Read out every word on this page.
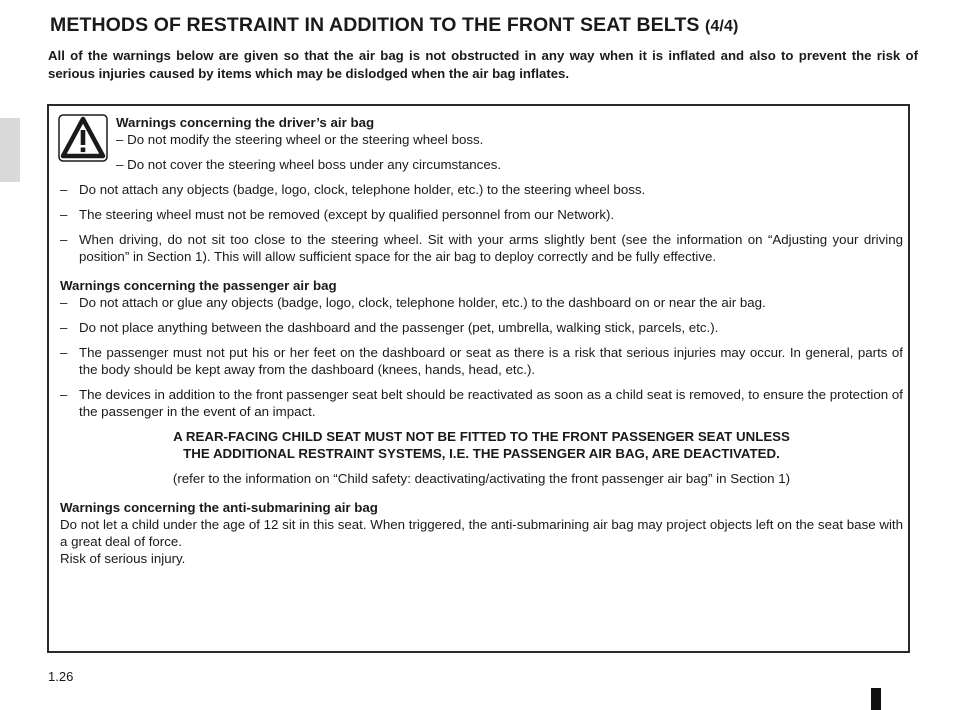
METHODS OF RESTRAINT IN ADDITION TO THE FRONT SEAT BELTS (4/4)

All of the warnings below are given so that the air bag is not obstructed in any way when it is inflated and also to prevent the risk of serious injuries caused by items which may be dislodged when the air bag inflates.

Warnings concerning the driver’s air bag

– Do not modify the steering wheel or the steering wheel boss.

– Do not cover the steering wheel boss under any circumstances.

– Do not attach any objects (badge, logo, clock, telephone holder, etc.) to the steering wheel boss.
– The steering wheel must not be removed (except by qualified personnel from our Network).
– When driving, do not sit too close to the steering wheel. Sit with your arms slightly bent (see the information on “Adjusting your driving position” in Section 1). This will allow sufficient space for the air bag to deploy correctly and be fully effective.

Warnings concerning the passenger air bag

– Do not attach or glue any objects (badge, logo, clock, telephone holder, etc.) to the dashboard on or near the air bag.
– Do not place anything between the dashboard and the passenger (pet, umbrella, walking stick, parcels, etc.).
– The passenger must not put his or her feet on the dashboard or seat as there is a risk that serious injuries may occur. In general, parts of the body should be kept away from the dashboard (knees, hands, head, etc.).
– The devices in addition to the front passenger seat belt should be reactivated as soon as a child seat is removed, to ensure the protection of the passenger in the event of an impact.

A REAR-FACING CHILD SEAT MUST NOT BE FITTED TO THE FRONT PASSENGER SEAT UNLESS

THE ADDITIONAL RESTRAINT SYSTEMS, I.E. THE PASSENGER AIR BAG, ARE DEACTIVATED.

(refer to the information on “Child safety: deactivating/activating the front passenger air bag” in Section 1)

Warnings concerning the anti-submarining air bag

Do not let a child under the age of 12 sit in this seat. When triggered, the anti-submarining air bag may project objects left on the seat base with a great deal of force.

Risk of serious injury.

1.26
